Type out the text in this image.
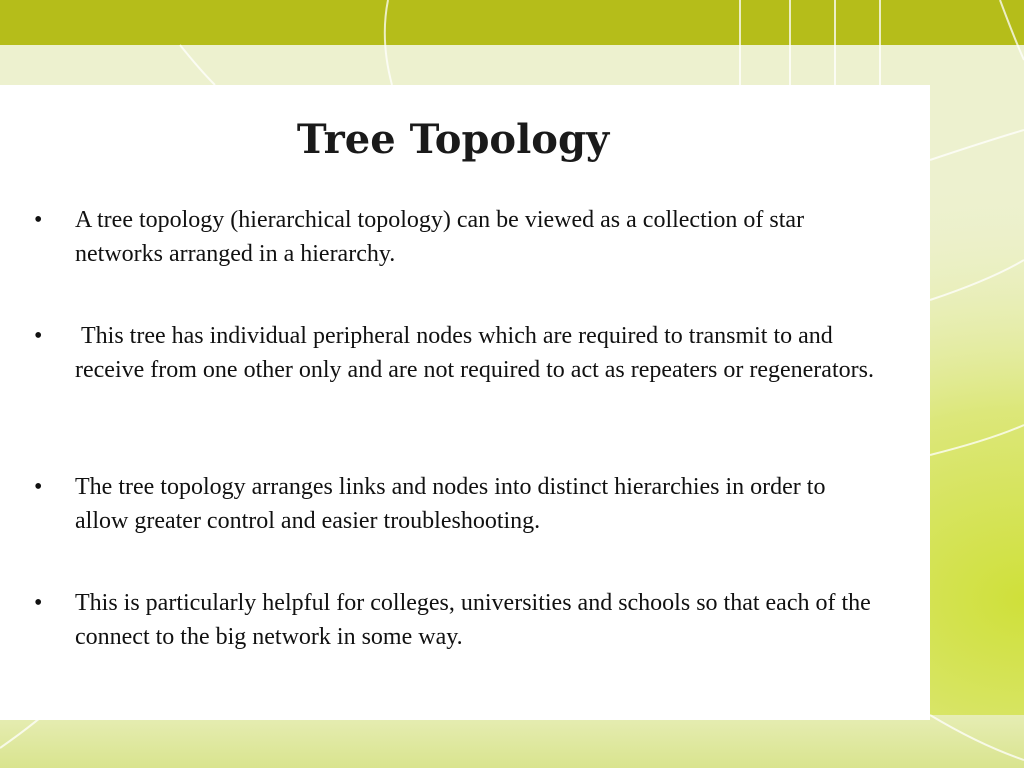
Tree Topology
•	A tree topology (hierarchical topology) can be viewed as a collection of star networks arranged in a hierarchy.
•	This tree has individual peripheral nodes which are required to transmit to and receive from one other only and are not required to act as repeaters or regenerators.
•	The tree topology arranges links and nodes into distinct hierarchies in order to allow greater control and easier troubleshooting.
•	This is particularly helpful for colleges, universities and schools so that each of the connect to the big network in some way.
